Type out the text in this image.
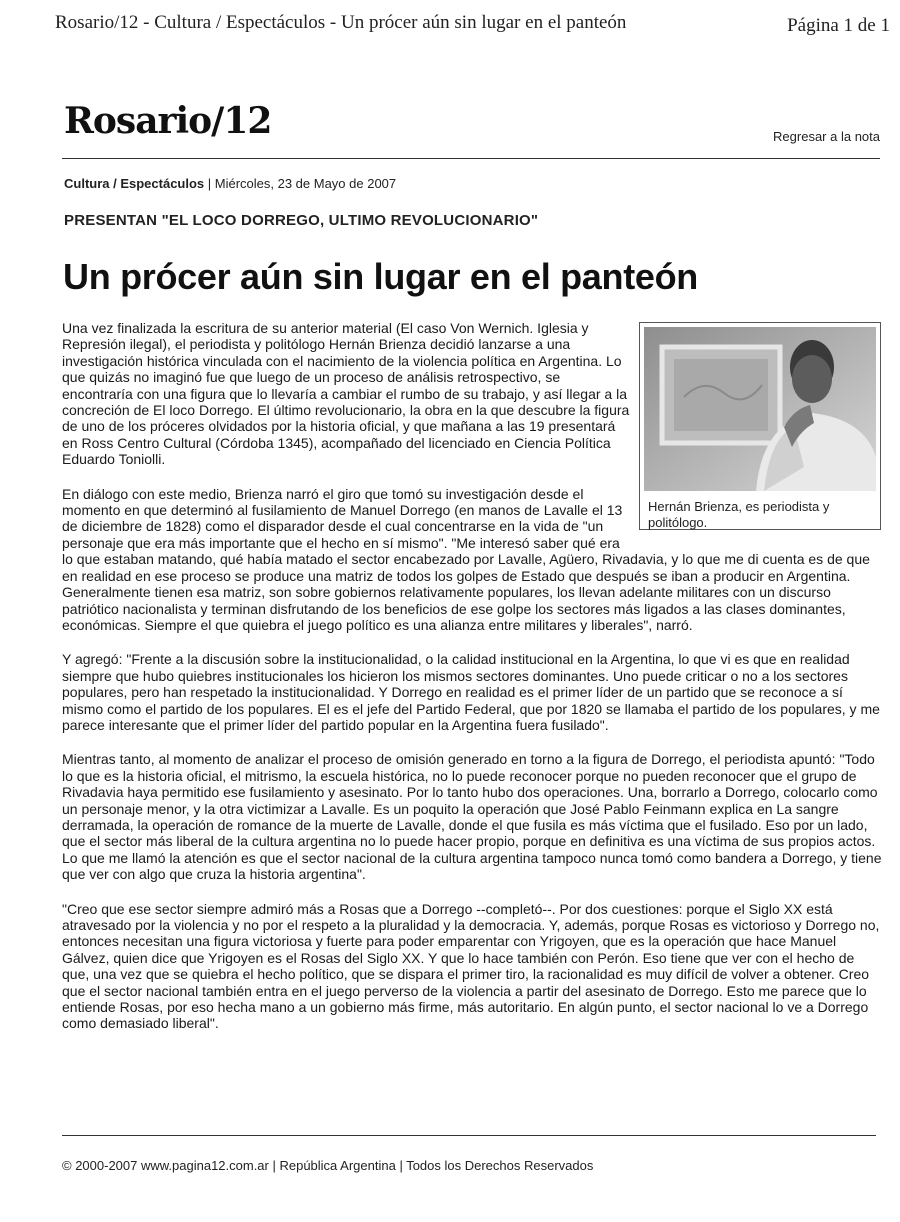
Rosario/12 - Cultura / Espectáculos - Un prócer aún sin lugar en el panteón	Página 1 de 1
Rosario/12	Regresar a la nota
Cultura / Espectáculos | Miércoles, 23 de Mayo de 2007
PRESENTAN "EL LOCO DORREGO, ULTIMO REVOLUCIONARIO"
Un prócer aún sin lugar en el panteón
Hernán Brienza, es periodista y politólogo.

Una vez finalizada la escritura de su anterior material (El caso Von Wernich. Iglesia y Represión ilegal), el periodista y politólogo Hernán Brienza decidió lanzarse a una investigación histórica vinculada con el nacimiento de la violencia política en Argentina. Lo que quizás no imaginó fue que luego de un proceso de análisis retrospectivo, se encontraría con una figura que lo llevaría a cambiar el rumbo de su trabajo, y así llegar a la concreción de El loco Dorrego. El último revolucionario, la obra en la que descubre la figura de uno de los próceres olvidados por la historia oficial, y que mañana a las 19 presentará en Ross Centro Cultural (Córdoba 1345), acompañado del licenciado en Ciencia Política Eduardo Toniolli.

En diálogo con este medio, Brienza narró el giro que tomó su investigación desde el momento en que determinó al fusilamiento de Manuel Dorrego (en manos de Lavalle el 13 de diciembre de 1828) como el disparador desde el cual concentrarse en la vida de "un personaje que era más importante que el hecho en sí mismo". "Me interesó saber qué era lo que estaban matando, qué había matado el sector encabezado por Lavalle, Agüero, Rivadavia, y lo que me di cuenta es de que en realidad en ese proceso se produce una matriz de todos los golpes de Estado que después se iban a producir en Argentina. Generalmente tienen esa matriz, son sobre gobiernos relativamente populares, los llevan adelante militares con un discurso patriótico nacionalista y terminan disfrutando de los beneficios de ese golpe los sectores más ligados a las clases dominantes, económicas. Siempre el que quiebra el juego político es una alianza entre militares y liberales", narró.

Y agregó: "Frente a la discusión sobre la institucionalidad, o la calidad institucional en la Argentina, lo que vi es que en realidad siempre que hubo quiebres institucionales los hicieron los mismos sectores dominantes. Uno puede criticar o no a los sectores populares, pero han respetado la institucionalidad. Y Dorrego en realidad es el primer líder de un partido que se reconoce a sí mismo como el partido de los populares. El es el jefe del Partido Federal, que por 1820 se llamaba el partido de los populares, y me parece interesante que el primer líder del partido popular en la Argentina fuera fusilado".

Mientras tanto, al momento de analizar el proceso de omisión generado en torno a la figura de Dorrego, el periodista apuntó: "Todo lo que es la historia oficial, el mitrismo, la escuela histórica, no lo puede reconocer porque no pueden reconocer que el grupo de Rivadavia haya permitido ese fusilamiento y asesinato. Por lo tanto hubo dos operaciones. Una, borrarlo a Dorrego, colocarlo como un personaje menor, y la otra victimizar a Lavalle. Es un poquito la operación que José Pablo Feinmann explica en La sangre derramada, la operación de romance de la muerte de Lavalle, donde el que fusila es más víctima que el fusilado. Eso por un lado, que el sector más liberal de la cultura argentina no lo puede hacer propio, porque en definitiva es una víctima de sus propios actos. Lo que me llamó la atención es que el sector nacional de la cultura argentina tampoco nunca tomó como bandera a Dorrego, y tiene que ver con algo que cruza la historia argentina".

"Creo que ese sector siempre admiró más a Rosas que a Dorrego --completó--. Por dos cuestiones: porque el Siglo XX está atravesado por la violencia y no por el respeto a la pluralidad y la democracia. Y, además, porque Rosas es victorioso y Dorrego no, entonces necesitan una figura victoriosa y fuerte para poder emparentar con Yrigoyen, que es la operación que hace Manuel Gálvez, quien dice que Yrigoyen es el Rosas del Siglo XX. Y que lo hace también con Perón. Eso tiene que ver con el hecho de que, una vez que se quiebra el hecho político, que se dispara el primer tiro, la racionalidad es muy difícil de volver a obtener. Creo que el sector nacional también entra en el juego perverso de la violencia a partir del asesinato de Dorrego. Esto me parece que lo entiende Rosas, por eso hecha mano a un gobierno más firme, más autoritario. En algún punto, el sector nacional lo ve a Dorrego como demasiado liberal".

© 2000-2007 www.pagina12.com.ar | República Argentina | Todos los Derechos Reservados
